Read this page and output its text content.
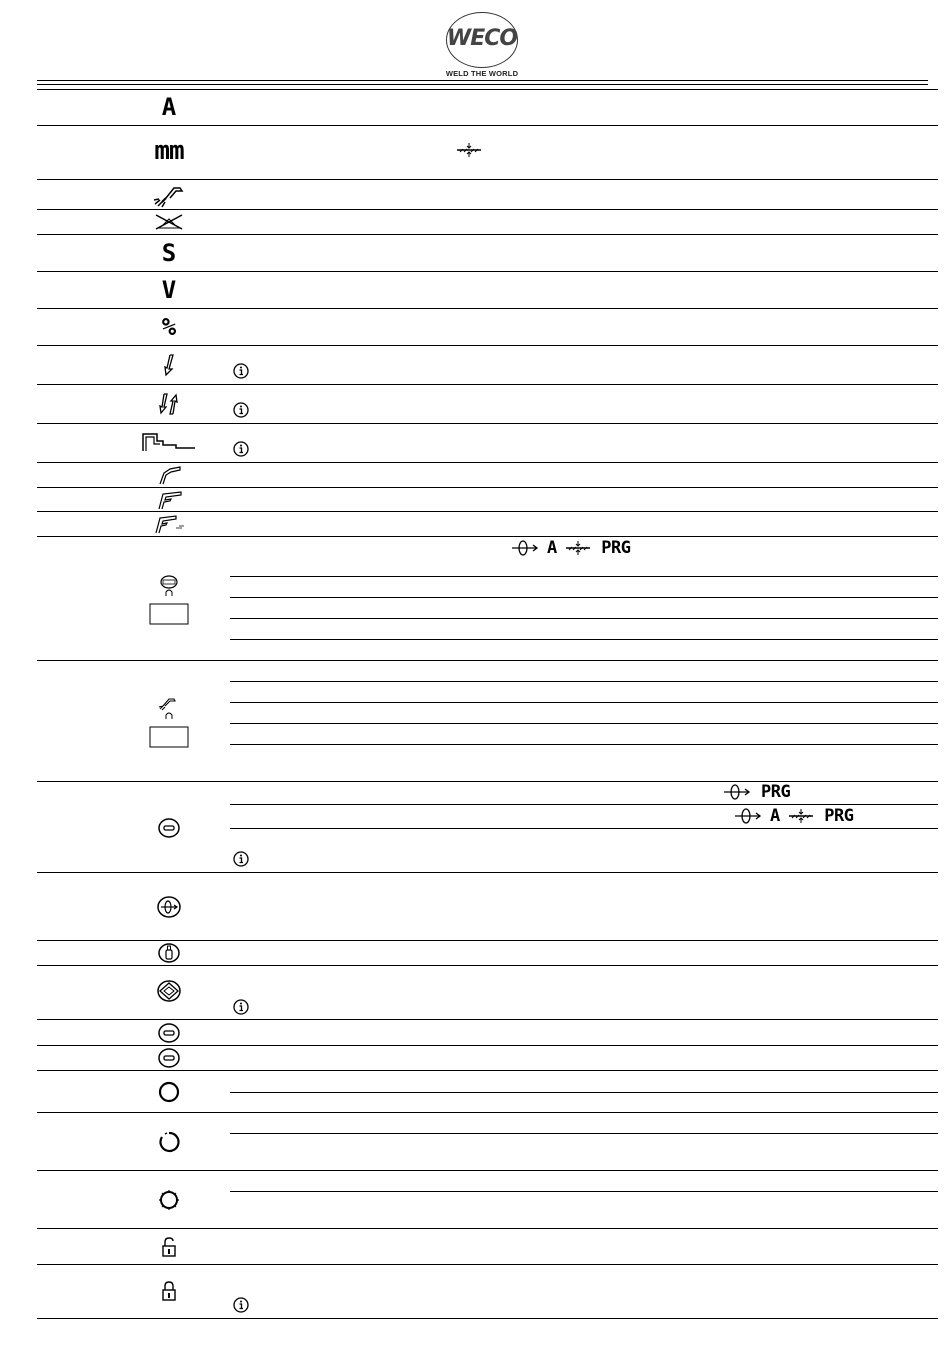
WECO
WELD THE WORLD
A
mm
S
V
%
A	PRG
PRG
A	PRG
